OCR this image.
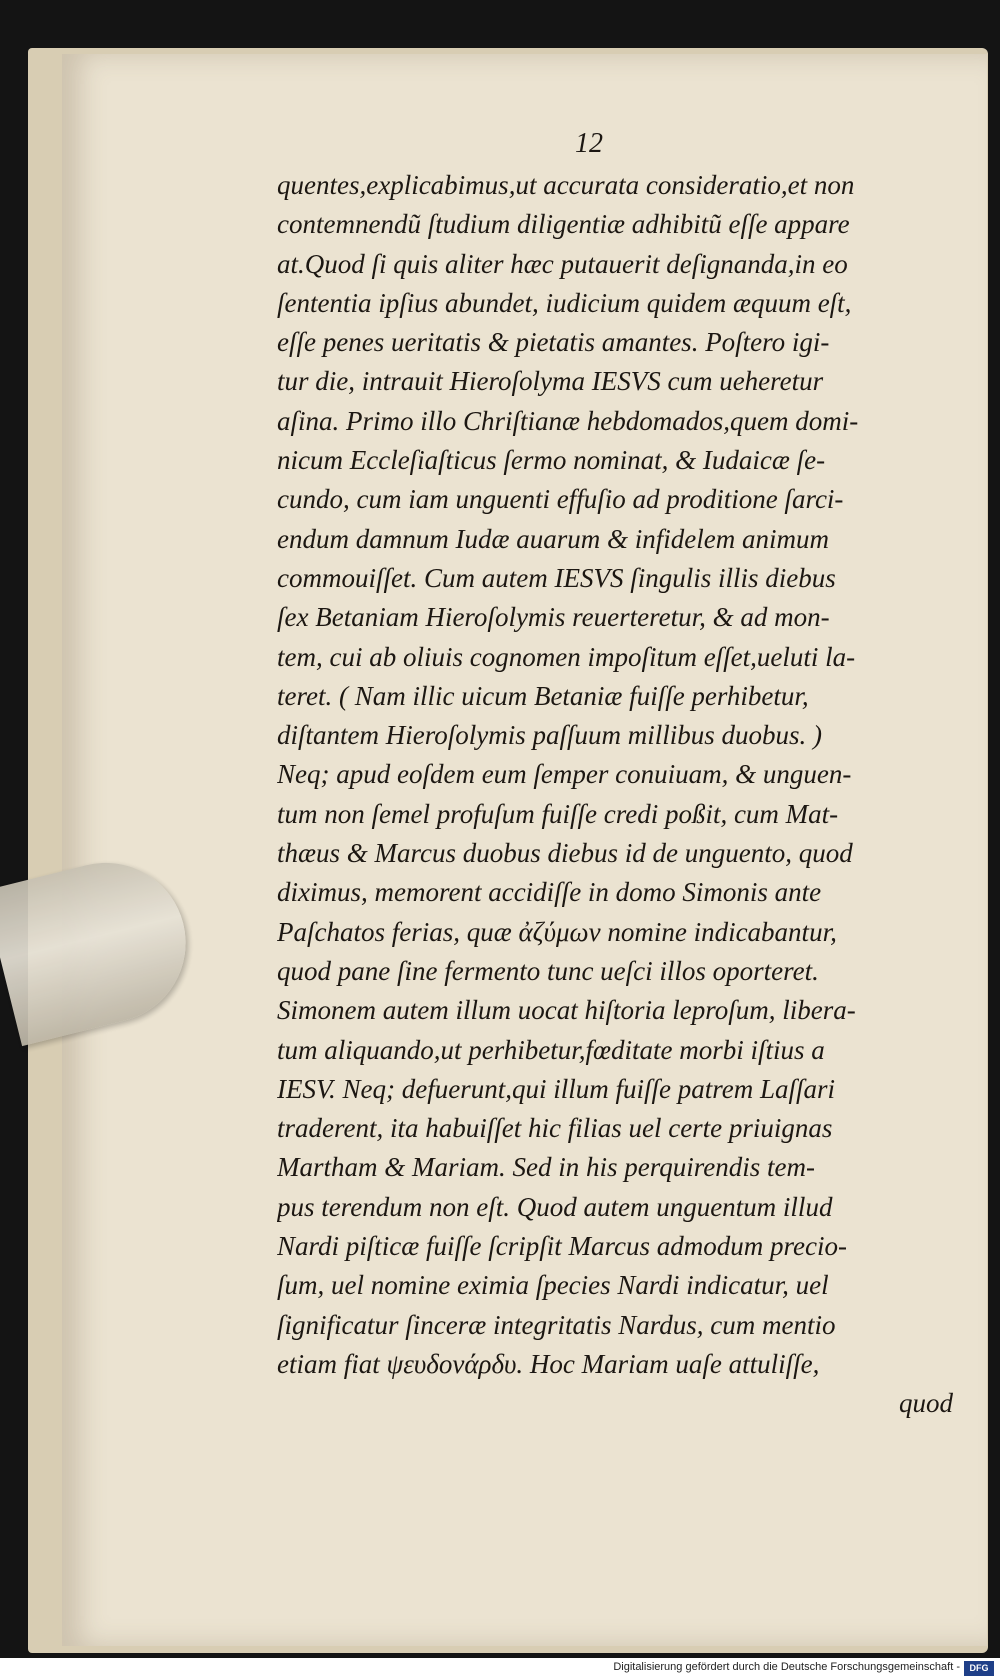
12
quentes,explicabimus,ut accurata consideratio,et non
contemnendũ ſtudium diligentiæ adhibitũ eſſe appare
at.Quod ſi quis aliter hæc putauerit deſignanda,in eo
ſententia ipſius abundet, iudicium quidem æquum eſt,
eſſe penes ueritatis & pietatis amantes. Poſtero igi-
tur die, intrauit Hieroſolyma IESVS cum ueheretur
aſina. Primo illo Chriſtianæ hebdomados,quem domi-
nicum Eccleſiaſticus ſermo nominat, & Iudaicæ ſe-
cundo, cum iam unguenti effuſio ad proditione ſarci-
endum damnum Iudæ auarum & infidelem animum
commouiſſet. Cum autem IESVS ſingulis illis diebus
ſex Betaniam Hieroſolymis reuerteretur, & ad mon-
tem, cui ab oliuis cognomen impoſitum eſſet,ueluti la-
teret. ( Nam illic uicum Betaniæ fuiſſe perhibetur,
diſtantem Hieroſolymis paſſuum millibus duobus. )
Neq; apud eoſdem eum ſemper conuiuam, & unguen-
tum non ſemel profuſum fuiſſe credi poßit, cum Mat-
thæus & Marcus duobus diebus id de unguento, quod
diximus, memorent accidiſſe in domo Simonis ante
Paſchatos ferias, quæ ἀζύμων nomine indicabantur,
quod pane ſine fermento tunc ueſci illos oporteret.
Simonem autem illum uocat hiſtoria leproſum, libera-
tum aliquando,ut perhibetur,fœditate morbi iſtius a
IESV. Neq; defuerunt,qui illum fuiſſe patrem Laſſari
traderent, ita habuiſſet hic filias uel certe priuignas
Martham & Mariam. Sed in his perquirendis tem-
pus terendum non eſt. Quod autem unguentum illud
Nardi piſticæ fuiſſe ſcripſit Marcus admodum precio-
ſum, uel nomine eximia ſpecies Nardi indicatur, uel
ſignificatur ſinceræ integritatis Nardus, cum mentio
etiam fiat ψευδονάρδυ. Hoc Mariam uaſe attuliſſe,
quod
Digitalisierung gefördert durch die Deutsche Forschungsgemeinschaft -	DFG
